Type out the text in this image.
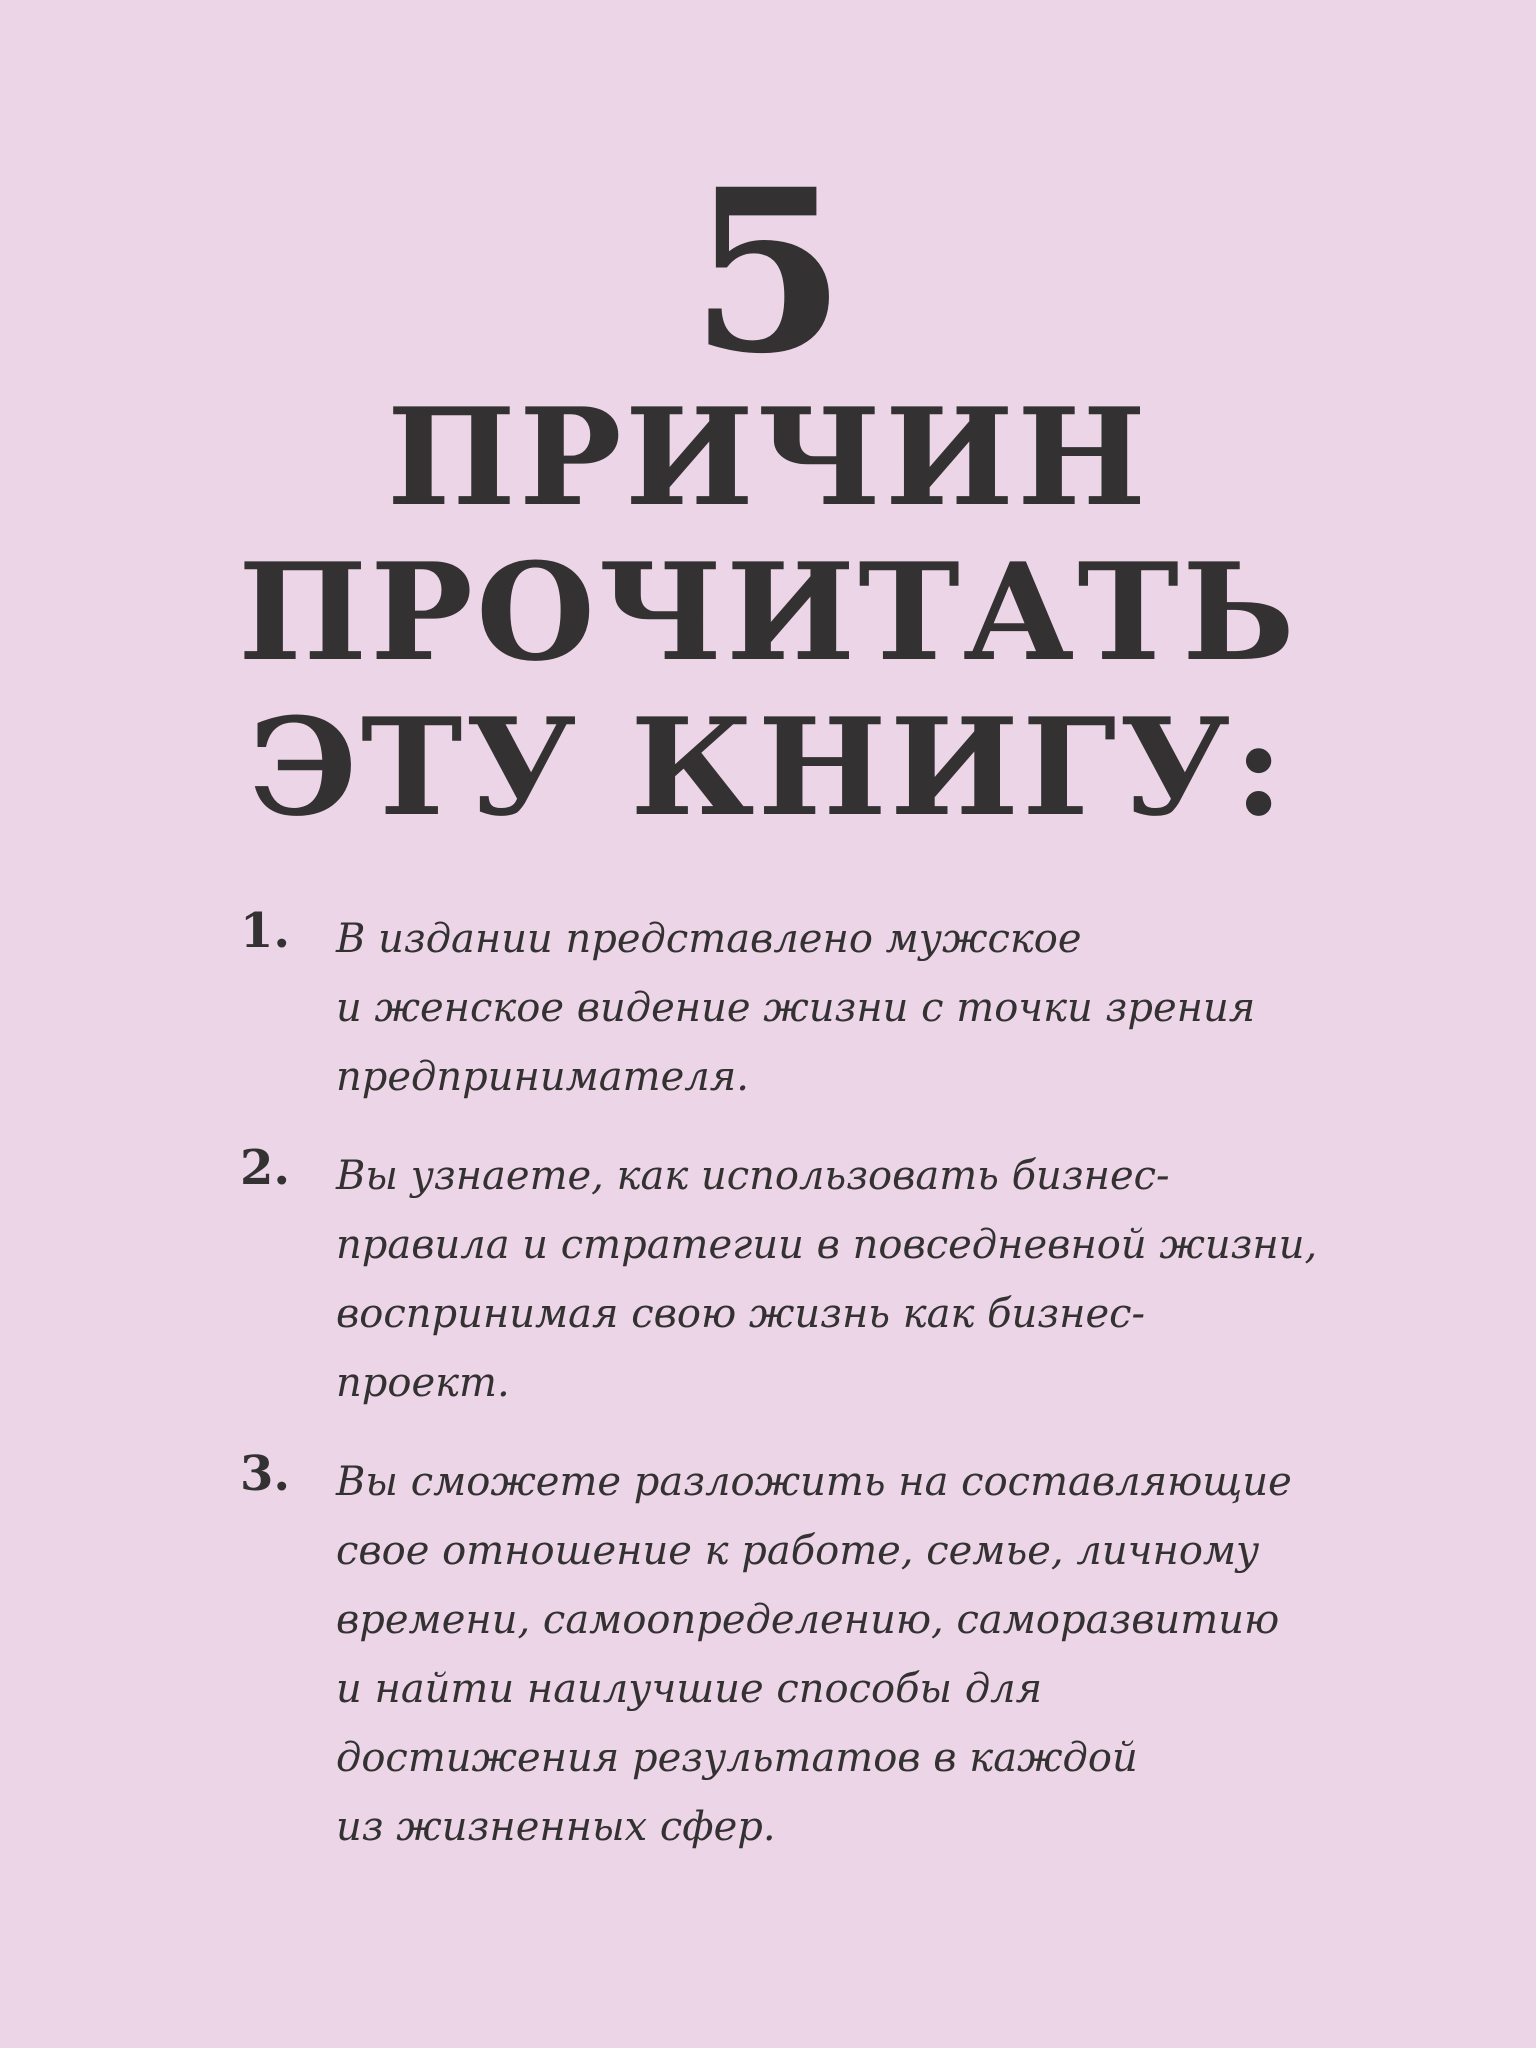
5
ПРИЧИН
ПРОЧИТАТЬ
ЭТУ КНИГУ:
1. В издании представлено мужское
и женское видение жизни с точки зрения
предпринимателя.

2. Вы узнаете, как использовать бизнес-
правила и стратегии в повседневной жизни,
воспринимая свою жизнь как бизнес-
проект.

3. Вы сможете разложить на составляющие
свое отношение к работе, семье, личному
времени, самоопределению, саморазвитию
и найти наилучшие способы для
достижения результатов в каждой
из жизненных сфер.
